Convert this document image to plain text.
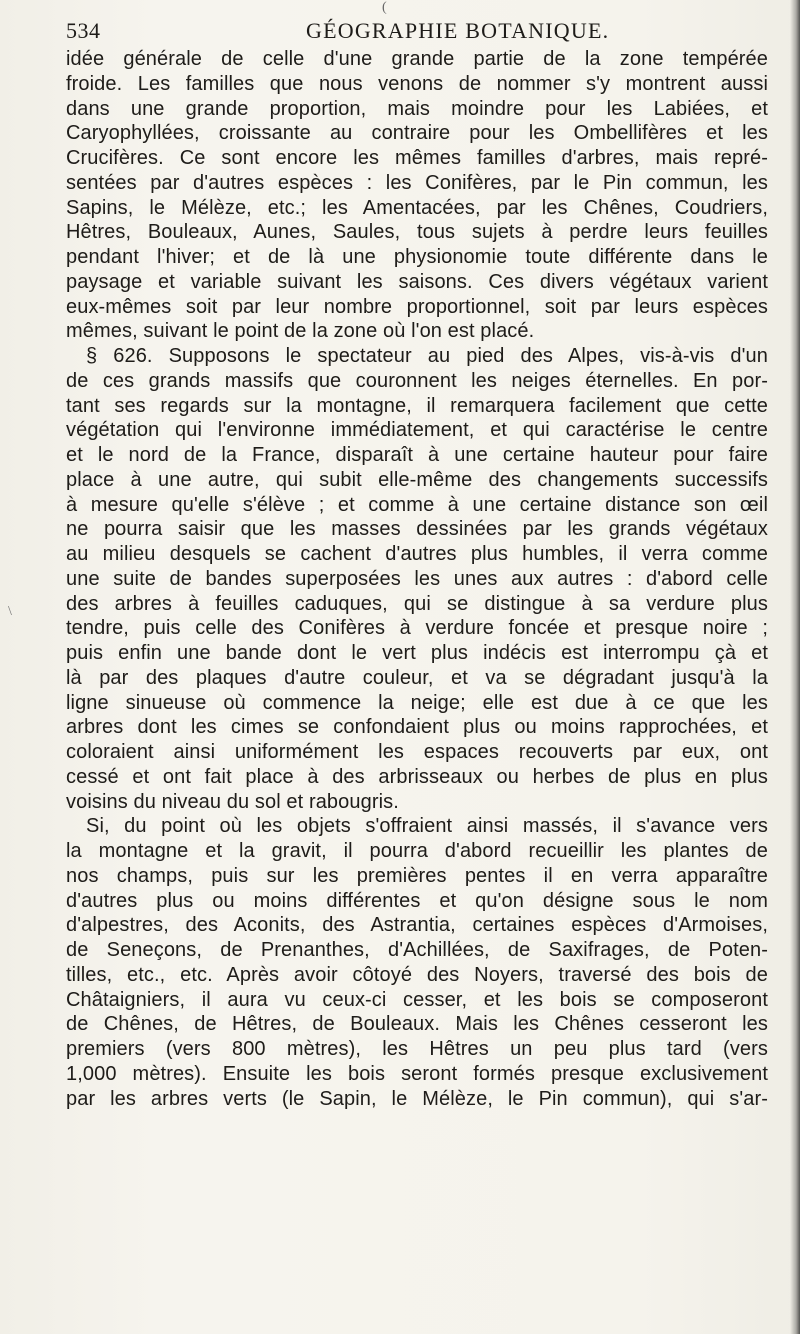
(
\
534	GÉOGRAPHIE BOTANIQUE.
idée générale de celle d'une grande partie de la zone tempérée
froide. Les familles que nous venons de nommer s'y montrent aussi
dans une grande proportion, mais moindre pour les Labiées, et
Caryophyllées, croissante au contraire pour les Ombellifères et les
Crucifères. Ce sont encore les mêmes familles d'arbres, mais repré-
sentées par d'autres espèces : les Conifères, par le Pin commun, les
Sapins, le Mélèze, etc.; les Amentacées, par les Chênes, Coudriers,
Hêtres, Bouleaux, Aunes, Saules, tous sujets à perdre leurs feuilles
pendant l'hiver; et de là une physionomie toute différente dans le
paysage et variable suivant les saisons. Ces divers végétaux varient
eux-mêmes soit par leur nombre proportionnel, soit par leurs espèces
mêmes, suivant le point de la zone où l'on est placé.
§ 626. Supposons le spectateur au pied des Alpes, vis-à-vis d'un
de ces grands massifs que couronnent les neiges éternelles. En por-
tant ses regards sur la montagne, il remarquera facilement que cette
végétation qui l'environne immédiatement, et qui caractérise le centre
et le nord de la France, disparaît à une certaine hauteur pour faire
place à une autre, qui subit elle-même des changements successifs
à mesure qu'elle s'élève ; et comme à une certaine distance son œil
ne pourra saisir que les masses dessinées par les grands végétaux
au milieu desquels se cachent d'autres plus humbles, il verra comme
une suite de bandes superposées les unes aux autres : d'abord celle
des arbres à feuilles caduques, qui se distingue à sa verdure plus
tendre, puis celle des Conifères à verdure foncée et presque noire ;
puis enfin une bande dont le vert plus indécis est interrompu çà et
là par des plaques d'autre couleur, et va se dégradant jusqu'à la
ligne sinueuse où commence la neige; elle est due à ce que les
arbres dont les cimes se confondaient plus ou moins rapprochées, et
coloraient ainsi uniformément les espaces recouverts par eux, ont
cessé et ont fait place à des arbrisseaux ou herbes de plus en plus
voisins du niveau du sol et rabougris.
Si, du point où les objets s'offraient ainsi massés, il s'avance vers
la montagne et la gravit, il pourra d'abord recueillir les plantes de
nos champs, puis sur les premières pentes il en verra apparaître
d'autres plus ou moins différentes et qu'on désigne sous le nom
d'alpestres, des Aconits, des Astrantia, certaines espèces d'Armoises,
de Seneçons, de Prenanthes, d'Achillées, de Saxifrages, de Poten-
tilles, etc., etc. Après avoir côtoyé des Noyers, traversé des bois de
Châtaigniers, il aura vu ceux-ci cesser, et les bois se composeront
de Chênes, de Hêtres, de Bouleaux. Mais les Chênes cesseront les
premiers (vers 800 mètres), les Hêtres un peu plus tard (vers
1,000 mètres). Ensuite les bois seront formés presque exclusivement
par les arbres verts (le Sapin, le Mélèze, le Pin commun), qui s'ar-
